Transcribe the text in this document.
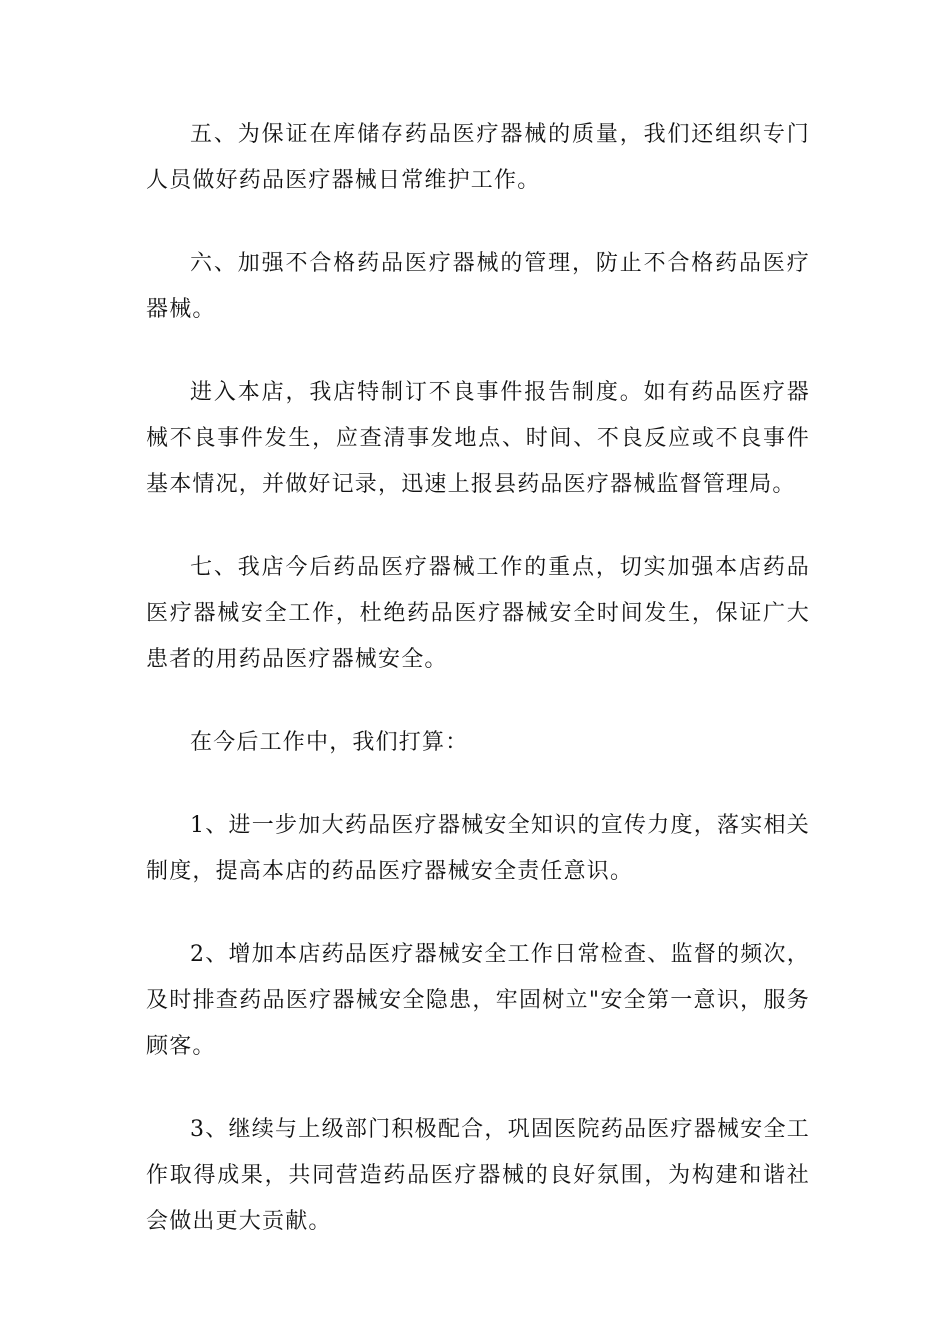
五、为保证在库储存药品医疗器械的质量，我们还组织专门人员做好药品医疗器械日常维护工作。

六、加强不合格药品医疗器械的管理，防止不合格药品医疗器械。

进入本店，我店特制订不良事件报告制度。如有药品医疗器械不良事件发生，应查清事发地点、时间、不良反应或不良事件基本情况，并做好记录，迅速上报县药品医疗器械监督管理局。

七、我店今后药品医疗器械工作的重点，切实加强本店药品医疗器械安全工作，杜绝药品医疗器械安全时间发生，保证广大患者的用药品医疗器械安全。

在今后工作中，我们打算：

1、进一步加大药品医疗器械安全知识的宣传力度，落实相关制度，提高本店的药品医疗器械安全责任意识。

2、增加本店药品医疗器械安全工作日常检查、监督的频次，及时排查药品医疗器械安全隐患，牢固树立"安全第一意识，服务顾客。

3、继续与上级部门积极配合，巩固医院药品医疗器械安全工作取得成果，共同营造药品医疗器械的良好氛围，为构建和谐社会做出更大贡献。
